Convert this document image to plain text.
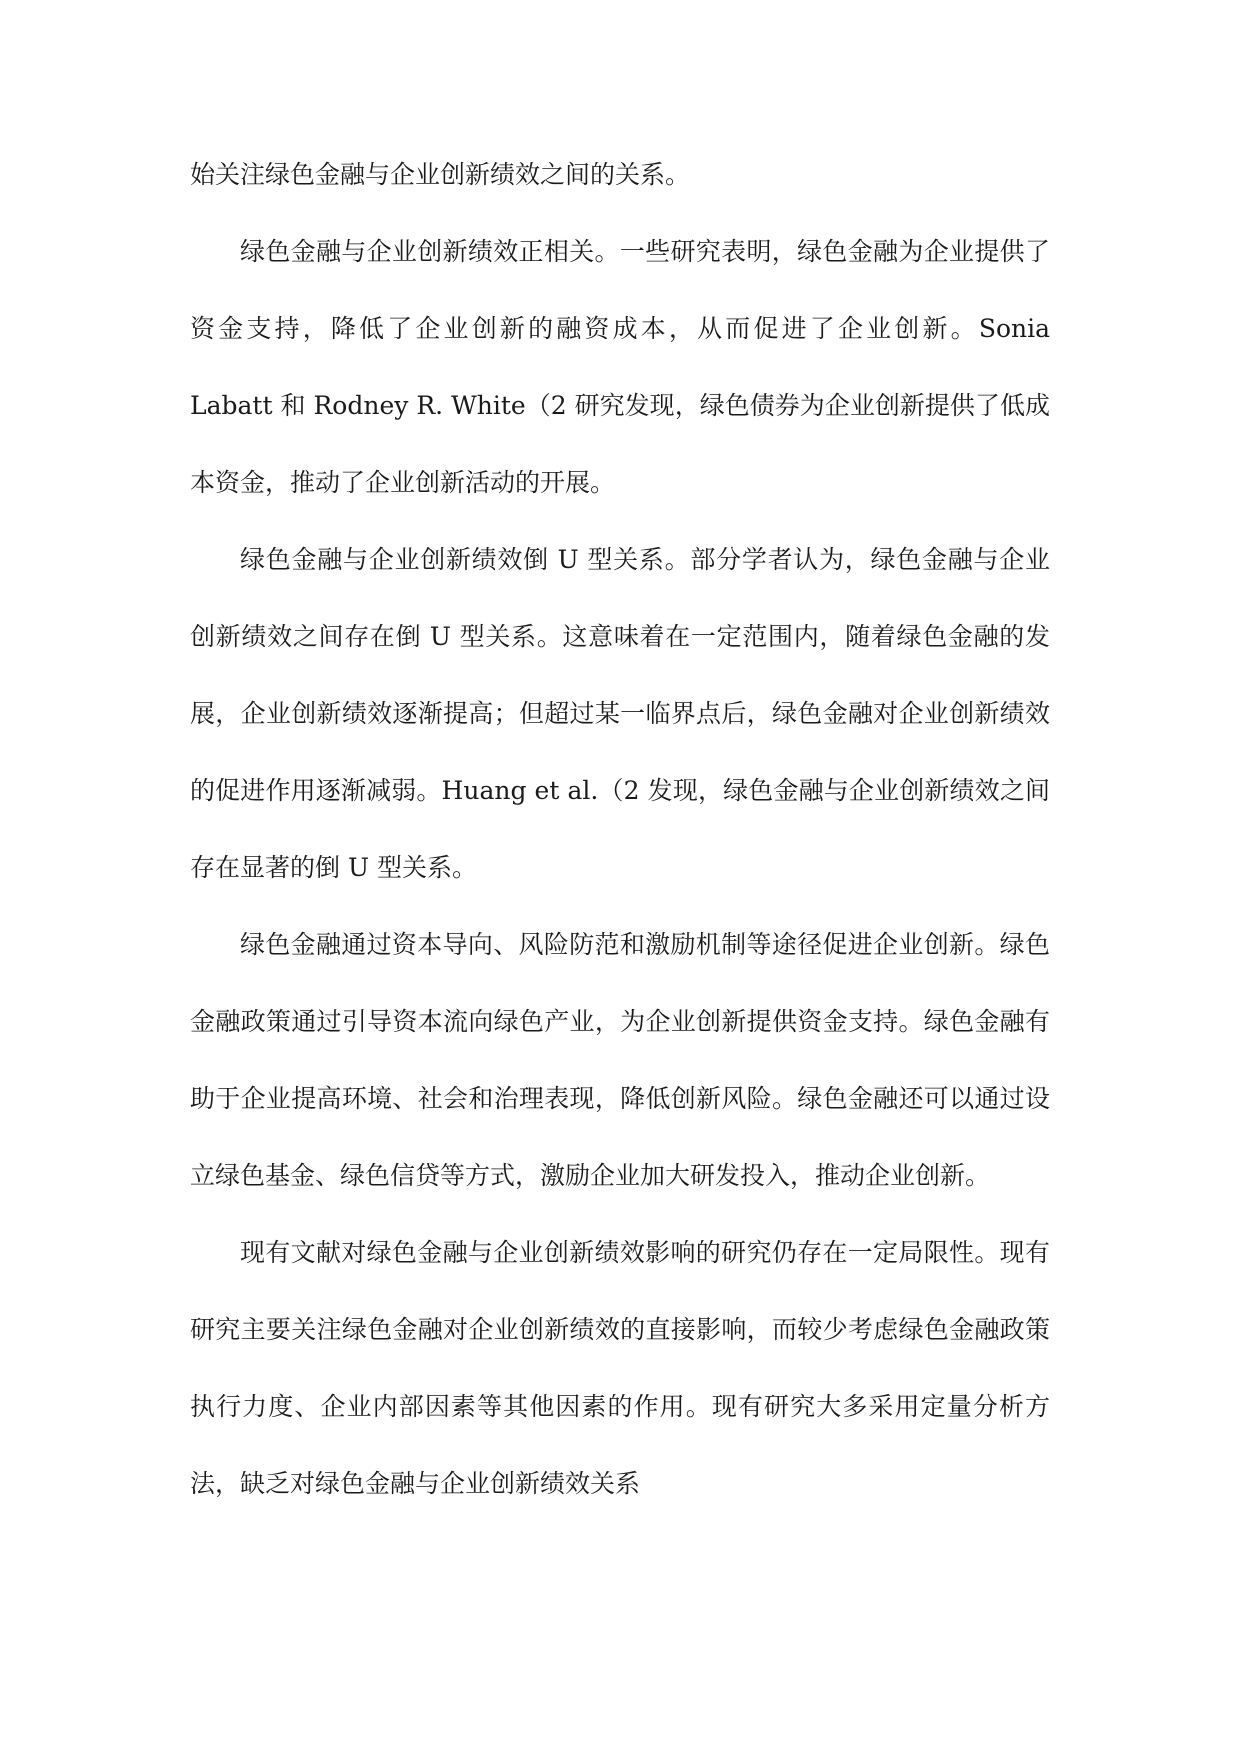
始关注绿色金融与企业创新绩效之间的关系。

绿色金融与企业创新绩效正相关。一些研究表明，绿色金融为企业提供了资金支持，降低了企业创新的融资成本，从而促进了企业创新。Sonia Labatt 和 Rodney R. White（2 研究发现，绿色债券为企业创新提供了低成本资金，推动了企业创新活动的开展。

绿色金融与企业创新绩效倒 U 型关系。部分学者认为，绿色金融与企业创新绩效之间存在倒 U 型关系。这意味着在一定范围内，随着绿色金融的发展，企业创新绩效逐渐提高；但超过某一临界点后，绿色金融对企业创新绩效的促进作用逐渐减弱。Huang et al.（2 发现，绿色金融与企业创新绩效之间存在显著的倒 U 型关系。

绿色金融通过资本导向、风险防范和激励机制等途径促进企业创新。绿色金融政策通过引导资本流向绿色产业，为企业创新提供资金支持。绿色金融有助于企业提高环境、社会和治理表现，降低创新风险。绿色金融还可以通过设立绿色基金、绿色信贷等方式，激励企业加大研发投入，推动企业创新。

现有文献对绿色金融与企业创新绩效影响的研究仍存在一定局限性。现有研究主要关注绿色金融对企业创新绩效的直接影响，而较少考虑绿色金融政策执行力度、企业内部因素等其他因素的作用。现有研究大多采用定量分析方法，缺乏对绿色金融与企业创新绩效关系
